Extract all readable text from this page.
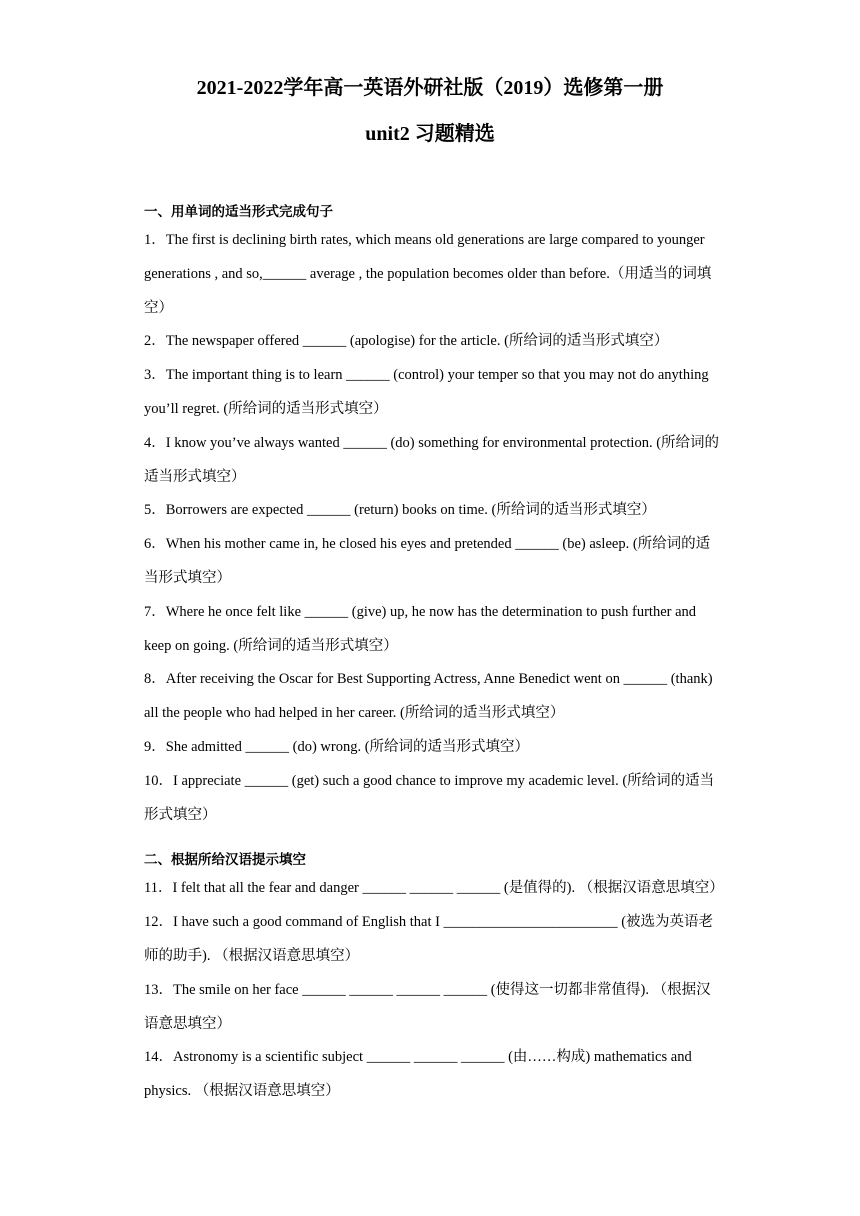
2021-2022学年高一英语外研社版（2019）选修第一册
unit2 习题精选
一、用单词的适当形式完成句子
1．The first is declining birth rates, which means old generations are large compared to younger generations , and so,______ average , the population becomes older than before.（用适当的词填空）
2．The newspaper offered ______ (apologise) for the article. (所给词的适当形式填空）
3．The important thing is to learn ______ (control) your temper so that you may not do anything you’ll regret. (所给词的适当形式填空）
4．I know you’ve always wanted ______ (do) something for environmental protection. (所给词的适当形式填空）
5．Borrowers are expected ______ (return) books on time. (所给词的适当形式填空）
6．When his mother came in, he closed his eyes and pretended ______ (be) asleep. (所给词的适当形式填空）
7．Where he once felt like ______ (give) up, he now has the determination to push further and keep on going. (所给词的适当形式填空）
8．After receiving the Oscar for Best Supporting Actress, Anne Benedict went on ______ (thank) all the people who had helped in her career. (所给词的适当形式填空）
9．She admitted ______ (do) wrong. (所给词的适当形式填空）
10．I appreciate ______ (get) such a good chance to improve my academic level. (所给词的适当形式填空）
二、根据所给汉语提示填空
11．I felt that all the fear and danger ______ ______ ______ (是值得的). （根据汉语意思填空）
12．I have such a good command of English that I ________________________ (被选为英语老师的助手). （根据汉语意思填空）
13．The smile on her face ______ ______ ______ ______ (使得这一切都非常值得). （根据汉语意思填空）
14．Astronomy is a scientific subject ______ ______ ______ (由……构成) mathematics and physics. （根据汉语意思填空）
